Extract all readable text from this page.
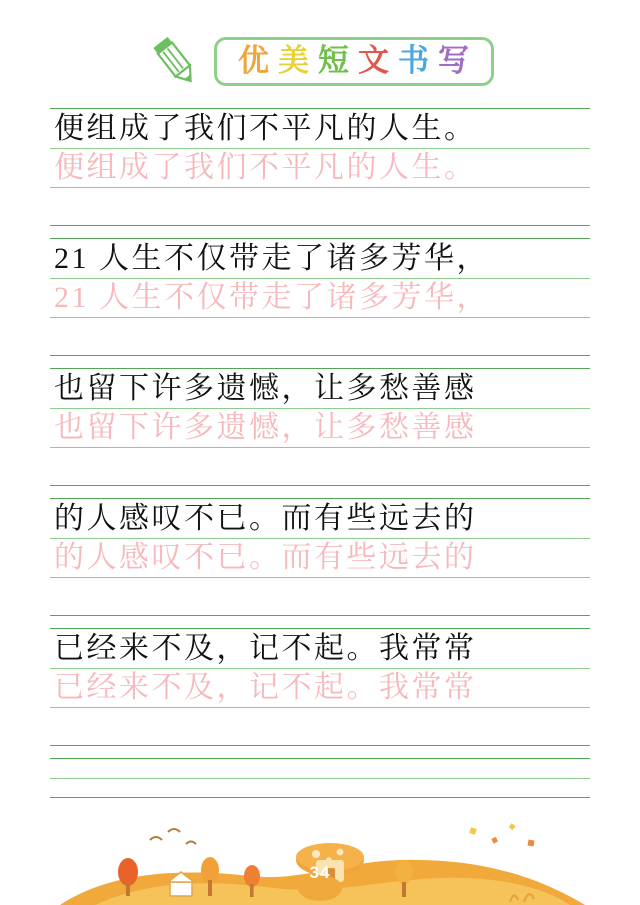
优 美 短 文 书 写
便组成了我们不平凡的人生。
便组成了我们不平凡的人生。
21 人生不仅带走了诸多芳华，
21 人生不仅带走了诸多芳华，
也留下许多遗憾，让多愁善感
也留下许多遗憾，让多愁善感
的人感叹不已。而有些远去的
的人感叹不已。而有些远去的
已经来不及，记不起。我常常
已经来不及，记不起。我常常
34
